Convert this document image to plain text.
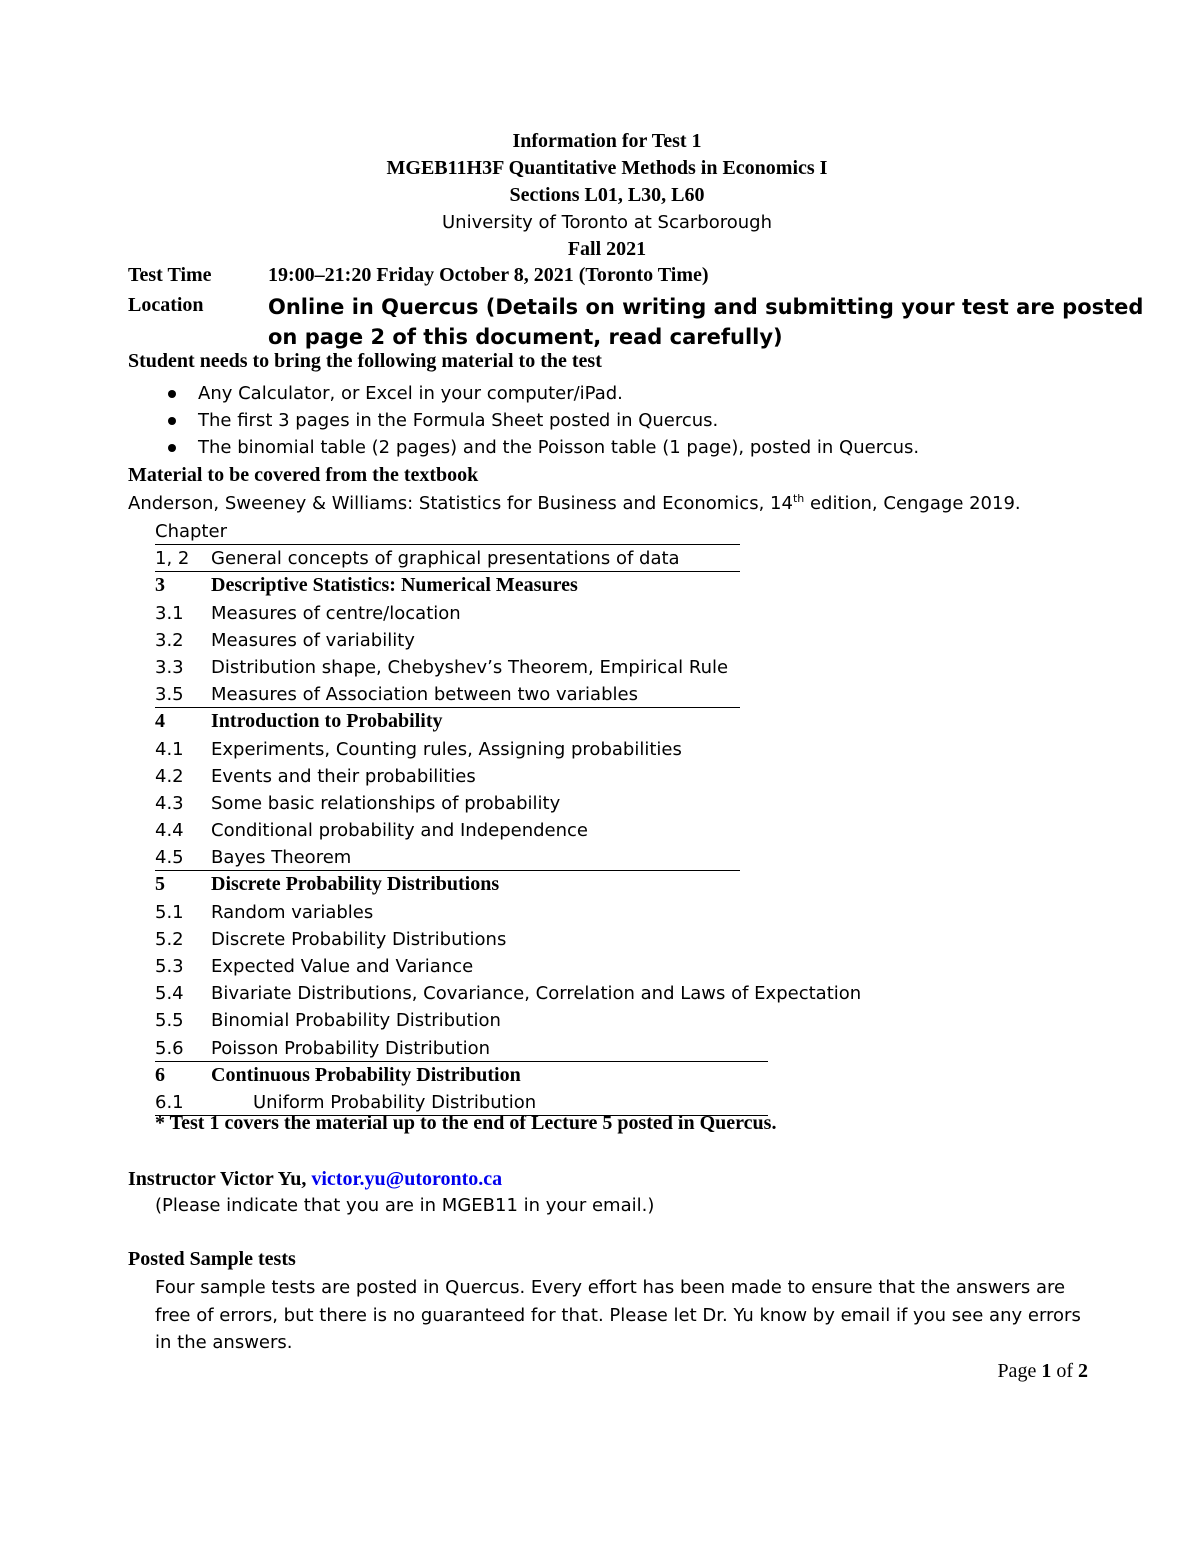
Information for Test 1
MGEB11H3F Quantitative Methods in Economics I
Sections L01, L30, L60
University of Toronto at Scarborough
Fall 2021
Test Time	19:00–21:20 Friday October 8, 2021 (Toronto Time)
Location	Online in Quercus (Details on writing and submitting your test are posted
on page 2 of this document, read carefully)
Student needs to bring the following material to the test
Any Calculator, or Excel in your computer/iPad.
The first 3 pages in the Formula Sheet posted in Quercus.
The binomial table (2 pages) and the Poisson table (1 page), posted in Quercus.
Material to be covered from the textbook
Anderson, Sweeney & Williams: Statistics for Business and Economics, 14th edition, Cengage 2019.
Chapter
1, 2 General concepts of graphical presentations of data
3 Descriptive Statistics: Numerical Measures
3.1 Measures of centre/location
3.2 Measures of variability
3.3 Distribution shape, Chebyshev’s Theorem, Empirical Rule
3.5 Measures of Association between two variables
4 Introduction to Probability
4.1 Experiments, Counting rules, Assigning probabilities
4.2 Events and their probabilities
4.3 Some basic relationships of probability
4.4 Conditional probability and Independence
4.5 Bayes Theorem
5 Discrete Probability Distributions
5.1 Random variables
5.2 Discrete Probability Distributions
5.3 Expected Value and Variance
5.4 Bivariate Distributions, Covariance, Correlation and Laws of Expectation
5.5 Binomial Probability Distribution
5.6 Poisson Probability Distribution
6 Continuous Probability Distribution
6.1	Uniform Probability Distribution
* Test 1 covers the material up to the end of Lecture 5 posted in Quercus.
Instructor Victor Yu, victor.yu@utoronto.ca
(Please indicate that you are in MGEB11 in your email.)
Posted Sample tests
Four sample tests are posted in Quercus. Every effort has been made to ensure that the answers are free of errors, but there is no guaranteed for that. Please let Dr. Yu know by email if you see any errors in the answers.
Page 1 of 2
